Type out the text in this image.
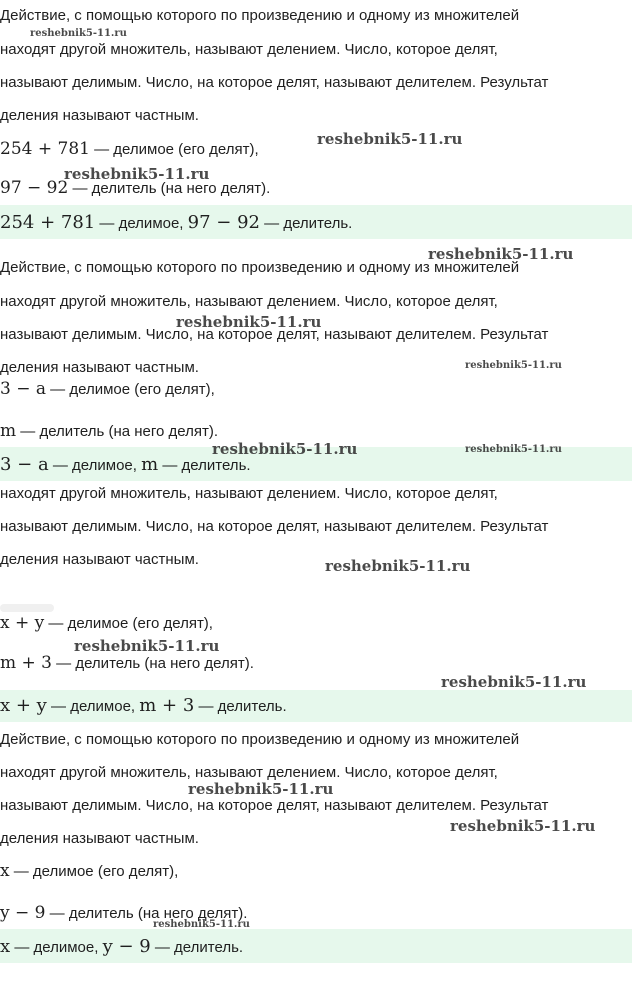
Действие, с помощью которого по произведению и одному из множителей
находят другой множитель, называют делением. Число, которое делят,
называют делимым. Число, на которое делят, называют делителем. Результат
деления называют частным.
254 + 781 — делимое (его делят),
97 − 92 — делитель (на него делят).
254 + 781 — делимое, 97 − 92 — делитель.
Действие, с помощью которого по произведению и одному из множителей
находят другой множитель, называют делением. Число, которое делят,
называют делимым. Число, на которое делят, называют делителем. Результат
деления называют частным.
3 − a — делимое (его делят),
m — делитель (на него делят).
3 − a — делимое, m — делитель.
находят другой множитель, называют делением. Число, которое делят,
называют делимым. Число, на которое делят, называют делителем. Результат
деления называют частным.
x + y — делимое (его делят),
m + 3 — делитель (на него делят).
x + y — делимое, m + 3 — делитель.
Действие, с помощью которого по произведению и одному из множителей
находят другой множитель, называют делением. Число, которое делят,
называют делимым. Число, на которое делят, называют делителем. Результат
деления называют частным.
x — делимое (его делят),
y − 9 — делитель (на него делят).
x — делимое, y − 9 — делитель.
reshebnik5-11.ru
reshebnik5-11.ru
reshebnik5-11.ru
reshebnik5-11.ru
reshebnik5-11.ru
reshebnik5-11.ru
reshebnik5-11.ru	reshebnik5-11.ru
reshebnik5-11.ru
reshebnik5-11.ru
reshebnik5-11.ru
reshebnik5-11.ru
reshebnik5-11.ru
reshebnik5-11.ru
